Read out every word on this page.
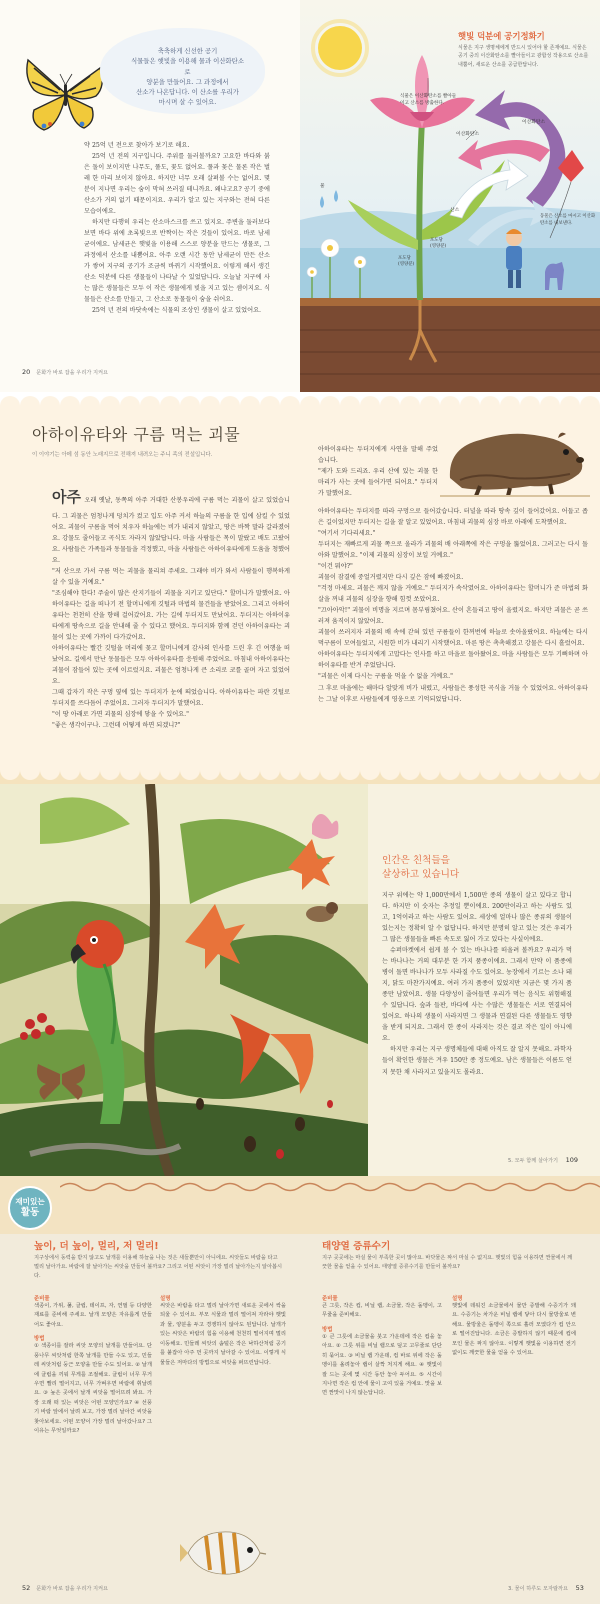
축축하게 신선한 공기
식물들은 햇빛을 이용해 물과 이산화탄소로
양분을 만들어요. 그 과정에서
산소가 나온답니다. 이 산소를 우리가
마시며 살 수 있어요.

약 25억 년 전으로 찾아가 보기로 해요.

25억 년 전의 지구입니다. 주위를 둘러볼까요? 고요한 바다와 붉은 돌이 보이지만 나무도, 풀도, 꽃도 없어요. 풀과 꽃은 물론 작은 벌레 한 마리 보이지 않아요. 하지만 너무 오래 살펴볼 수는 없어요. 몇 분이 지나면 우리는 숨이 막혀 쓰러질 테니까요. 왜냐고요? 공기 중에 산소가 거의 없기 때문이지요. 우리가 알고 있는 지구와는 전혀 다른 모습이에요.

하지만 다행히 우리는 산소마스크를 쓰고 있지요. 주변을 둘러보다 보면 바다 위에 초록빛으로 반짝이는 작은 것들이 있어요. 바로 남세균이에요. 남세균은 햇빛을 이용해 스스로 양분을 만드는 생물로, 그 과정에서 산소를 내뿜어요. 아주 오랜 시간 동안 남세균이 만든 산소가 쌓여 지구의 공기가 조금씩 바뀌기 시작했어요. 이렇게 해서 생긴 산소 덕분에 다른 생물들이 나타날 수 있었답니다. 오늘날 지구에 사는 많은 생물들은 모두 이 작은 생물에게 빚을 지고 있는 셈이지요. 식물들은 산소를 만들고, 그 산소로 동물들이 숨을 쉬어요.

25억 년 전의 바닷속에는 식물의 조상인 생물이 살고 있었어요.

20 문화가 바로 잡을 우리가 지켜요
햇빛 덕분에 공기정화기
식물은 지구 생명체에게 반드시 있어야 할 존재예요. 식물은 공기 중의 이산화탄소를 빨아들이고 광합성 작용으로 산소를 내뿜어, 새로운 산소를 공급한답니다.
식물은 이산화탄소를 빨아들이고 산소를 방출한다.
이산화탄소
이산화탄소
산소
동물은 산소를 마시고 이산화탄소를 내보낸다.
물
포도당 (영양분)
포도당 (영양분)
아하이유타와 구름 먹는 괴물
이 이야기는 아메 섬 동안 노래지므로 전해져 내려오는 주니 족의 전설입니다.

아주 오래 옛날, 동쪽의 아주 거대한 산봉우리에 구름 먹는 괴물이 살고 있었습니다. 그 괴물은 엄청나게 덩치가 컸고 입도 아주 커서 하늘의 구름을 한 입에 삼킬 수 있었어요. 괴물이 구름을 먹어 치우자 하늘에는 비가 내리지 않았고, 땅은 바짝 말라 갈라졌어요. 강물도 줄어들고 곡식도 자라지 않았답니다. 마을 사람들은 목이 말랐고 배도 고팠어요. 사람들은 가족들과 동물들을 걱정했고, 마을 사람들은 아하이유타에게 도움을 청했어요.

"저 산으로 가서 구름 먹는 괴물을 물리쳐 주세요. 그래야 비가 와서 사람들이 행복하게 살 수 있을 거예요."

"조심해야 한다! 주술이 많은 산지기들이 괴물을 지키고 있단다." 할머니가 말했어요. 아하이유타는 길을 떠나기 전 할머니에게 깃털과 마법의 물건들을 받았어요. 그리고 아하이유타는 천천히 산을 향해 걸어갔어요. 가는 길에 두더지도 만났어요. 두더지는 아하이유타에게 땅속으로 길을 안내해 줄 수 있다고 했어요. 두더지와 함께 걷던 아하이유타는 괴물이 있는 곳에 가까이 다가갔어요.

아하이유타는 빨간 깃털을 머리에 꽂고 할머니에게 감사의 인사를 드린 후 긴 여행을 떠났어요. 길에서 만난 동물들은 모두 아하이유타를 응원해 주었어요. 마침내 아하이유타는 괴물이 잠들어 있는 곳에 이르렀지요. 괴물은 엄청나게 큰 소리로 코를 골며 자고 있었어요.

그때 갑자기 작은 구멍 옆에 있는 두더지가 눈에 띄었습니다. 아하이유타는 파란 깃털로 두더지를 쓰다듬어 주었어요. 그러자 두더지가 말했어요.

"이 땅 아래로 가면 괴물의 심장에 닿을 수 있어요."

"좋은 생각이구나. 그런데 어떻게 하면 되겠니?"

아하이유타는 두더지에게 사연을 말해 주었습니다.

"제가 도와 드리죠. 우리 산에 있는 괴물 한 마리가 사는 곳에 들어가면 되어요." 두더지가 말했어요.

아하이유타는 두더지를 따라 구멍으로 들어갔습니다. 터널을 따라 땅속 깊이 들어갔어요. 어둡고 좁은 길이었지만 두더지는 길을 잘 알고 있었어요. 마침내 괴물의 심장 바로 아래에 도착했어요.

"여기서 기다리세요."

두더지는 재빠르게 괴물 쪽으로 올라가 괴물의 배 아래쪽에 작은 구멍을 뚫었어요. 그러고는 다시 돌아와 말했어요. "이제 괴물의 심장이 보일 거예요."

"이건 뭐야?"

괴물이 잠결에 중얼거렸지만 다시 깊은 잠에 빠졌어요.

"걱정 마세요. 괴물은 깨지 않을 거예요." 두더지가 속삭였어요. 아하이유타는 할머니가 준 마법의 화살을 꺼내 괴물의 심장을 향해 힘껏 쏘았어요.

"끄아아악!" 괴물이 비명을 지르며 몸부림쳤어요. 산이 흔들리고 땅이 울렸지요. 하지만 괴물은 곧 쓰러져 움직이지 않았어요.

괴물이 쓰러지자 괴물의 배 속에 갇혀 있던 구름들이 한꺼번에 하늘로 솟아올랐어요. 하늘에는 다시 먹구름이 모여들었고, 시원한 비가 내리기 시작했어요. 마른 땅은 촉촉해졌고 강물은 다시 흘렀어요.

아하이유타는 두더지에게 고맙다는 인사를 하고 마을로 돌아왔어요. 마을 사람들은 모두 기뻐하며 아하이유타를 반겨 주었답니다.

"괴물은 이제 다시는 구름을 먹을 수 없을 거예요."

그 후로 마을에는 해마다 알맞게 비가 내렸고, 사람들은 풍성한 곡식을 거둘 수 있었어요. 아하이유타는 그날 이후로 사람들에게 영웅으로 기억되었답니다.

인간은 친척들을
살상하고 있습니다

지구 위에는 약 1,000만에서 1,500만 종의 생물이 살고 있다고 합니다. 하지만 이 숫자는 추정일 뿐이에요. 200만이라고 하는 사람도 있고, 1억이라고 하는 사람도 있어요. 세상에 얼마나 많은 종류의 생물이 있는지는 정확히 알 수 없답니다. 하지만 분명히 알고 있는 것은 우리가 그 많은 생물들을 빠른 속도로 잃어 가고 있다는 사실이에요.

슈퍼마켓에서 쉽게 볼 수 있는 바나나를 떠올려 볼까요? 우리가 먹는 바나나는 거의 대부분 한 가지 품종이에요. 그래서 만약 이 품종에 병이 돌면 바나나가 모두 사라질 수도 있어요. 농장에서 기르는 소나 돼지, 닭도 마찬가지예요. 여러 가지 품종이 있었지만 지금은 몇 가지 품종만 남았어요. 생물 다양성이 줄어들면 우리가 먹는 음식도 위험해질 수 있답니다. 숲과 들판, 바다에 사는 수많은 생물들은 서로 연결되어 있어요. 하나의 생물이 사라지면 그 생물과 연결된 다른 생물들도 영향을 받게 되지요. 그래서 한 종이 사라지는 것은 결코 작은 일이 아니에요.

하지만 우리는 지구 생명체들에 대해 아직도 잘 알지 못해요. 과학자들이 확인한 생물은 겨우 150만 종 정도예요. 남은 생물들은 이름도 얻지 못한 채 사라지고 있을지도 몰라요.

5. 모두 함께 살아가기 109
재미있는
활동
높이, 더 높이, 멀리, 저 멀리!
지구상에서 동력을 받지 않고도 날개를 이용해 하늘을 나는 것은 새들뿐만이 아니에요. 씨앗들도 바람을 타고 멀리 날아가요. 바람에 잘 날아가는 씨앗을 만들어 볼까요? 그리고 어떤 씨앗이 가장 멀리 날아가는지 알아봅시다.
준비물

색종이, 가위, 풀, 클립, 테이프, 자, 연필 등 다양한 재료를 준비해 주세요. 날개 모양은 자유롭게 만들어도 좋아요.

방법

① 색종이를 잘라 씨앗 모양의 날개를 만들어요. 단풍나무 씨앗처럼 한쪽 날개를 만들 수도 있고, 민들레 씨앗처럼 둥근 모양을 만들 수도 있어요. ② 날개에 클립을 끼워 무게를 조절해요. 클립이 너무 무거우면 빨리 떨어지고, 너무 가벼우면 바람에 휘날려요. ③ 높은 곳에서 날개 씨앗을 떨어뜨려 봐요. 가장 오래 떠 있는 씨앗은 어떤 모양인가요? ④ 선풍기 바람 앞에서 날려 보고, 가장 멀리 날아간 씨앗을 찾아보세요. 어떤 모양이 가장 멀리 날아갔나요? 그 이유는 무엇일까요?

설명

씨앗은 바람을 타고 멀리 날아가면 새로운 곳에서 싹을 틔울 수 있어요. 부모 식물과 멀리 떨어져 자라야 햇빛과 물, 양분을 두고 경쟁하지 않아도 된답니다. 날개가 있는 씨앗은 바람의 힘을 이용해 천천히 떨어지며 멀리 이동해요. 민들레 씨앗의 솜털은 작은 낙하산처럼 공기를 붙잡아 아주 먼 곳까지 날아갈 수 있어요. 이렇게 식물들은 저마다의 방법으로 씨앗을 퍼뜨린답니다.

태양열 증류수기
지구 곳곳에는 마실 물이 부족한 곳이 많아요. 바닷물은 짜서 마실 수 없지요. 햇빛의 힘을 이용하면 짠물에서 깨끗한 물을 얻을 수 있어요. 태양열 증류수기를 만들어 볼까요?
준비물

큰 그릇, 작은 컵, 비닐 랩, 소금물, 작은 돌멩이, 고무줄을 준비해요.

방법

① 큰 그릇에 소금물을 붓고 가운데에 작은 컵을 놓아요. ② 그릇 위를 비닐 랩으로 덮고 고무줄로 단단히 묶어요. ③ 비닐 랩 가운데, 컵 바로 위에 작은 돌멩이를 올려놓아 랩이 살짝 처지게 해요. ④ 햇빛이 잘 드는 곳에 몇 시간 동안 놓아 두어요. ⑤ 시간이 지나면 작은 컵 안에 물이 고여 있을 거예요. 맛을 보면 짠맛이 나지 않는답니다.

설명

햇빛에 데워진 소금물에서 물만 증발해 수증기가 돼요. 수증기는 차가운 비닐 랩에 닿아 다시 물방울로 변해요. 물방울은 돌멩이 쪽으로 흘러 모였다가 컵 안으로 떨어진답니다. 소금은 증발하지 않기 때문에 컵에 모인 물은 짜지 않아요. 이렇게 햇빛을 이용하면 전기 없이도 깨끗한 물을 얻을 수 있어요.

52 문화가 바로 잡을 우리가 지켜요	3. 물이 하루도 모자랄까요 53
